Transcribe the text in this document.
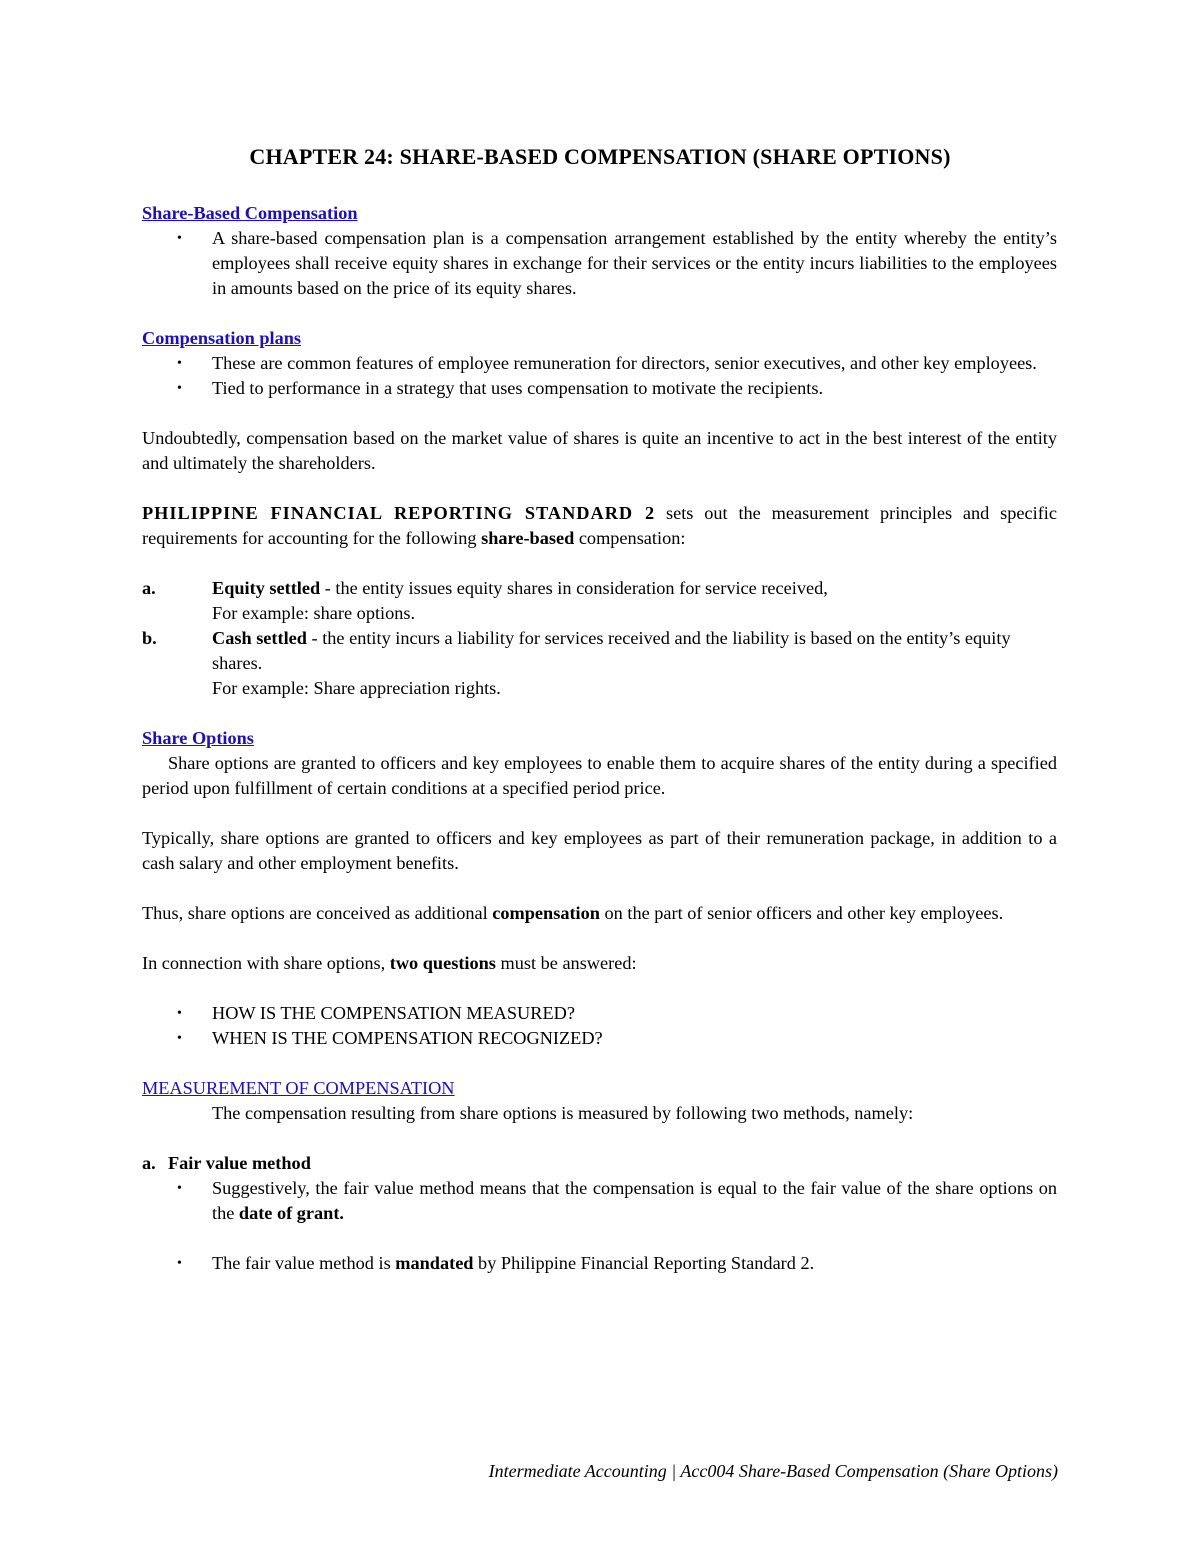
CHAPTER 24: SHARE-BASED COMPENSATION (SHARE OPTIONS)

Share-Based Compensation

• A share-based compensation plan is a compensation arrangement established by the entity whereby the entity’s employees shall receive equity shares in exchange for their services or the entity incurs liabilities to the employees in amounts based on the price of its equity shares.

Compensation plans

• These are common features of employee remuneration for directors, senior executives, and other key employees.
• Tied to performance in a strategy that uses compensation to motivate the recipients.

Undoubtedly, compensation based on the market value of shares is quite an incentive to act in the best interest of the entity and ultimately the shareholders.

PHILIPPINE FINANCIAL REPORTING STANDARD 2 sets out the measurement principles and specific requirements for accounting for the following share-based compensation:

a.	Equity settled - the entity issues equity shares in consideration for service received,
For example: share options.
b.	Cash settled - the entity incurs a liability for services received and the liability is based on the entity’s equity shares.
For example: Share appreciation rights.

Share Options

Share options are granted to officers and key employees to enable them to acquire shares of the entity during a specified period upon fulfillment of certain conditions at a specified period price.

Typically, share options are granted to officers and key employees as part of their remuneration package, in addition to a cash salary and other employment benefits.

Thus, share options are conceived as additional compensation on the part of senior officers and other key employees.

In connection with share options, two questions must be answered:

• HOW IS THE COMPENSATION MEASURED?
• WHEN IS THE COMPENSATION RECOGNIZED?

MEASUREMENT OF COMPENSATION

The compensation resulting from share options is measured by following two methods, namely:

a. Fair value method

• Suggestively, the fair value method means that the compensation is equal to the fair value of the share options on the date of grant.
• The fair value method is mandated by Philippine Financial Reporting Standard 2.
Intermediate Accounting | Acc004 Share-Based Compensation (Share Options)
